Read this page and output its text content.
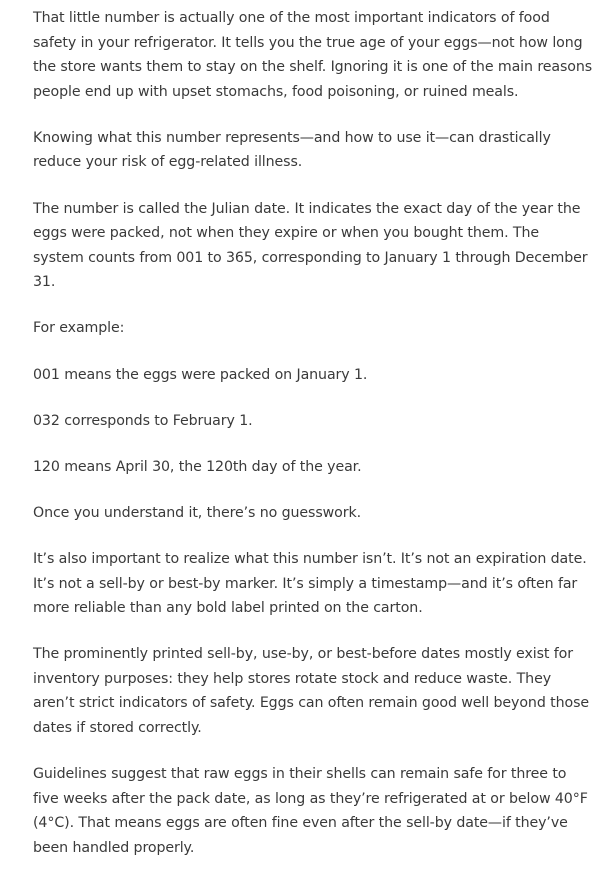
That little number is actually one of the most important indicators of food safety in your refrigerator. It tells you the true age of your eggs—not how long the store wants them to stay on the shelf. Ignoring it is one of the main reasons people end up with upset stomachs, food poisoning, or ruined meals.

Knowing what this number represents—and how to use it—can drastically reduce your risk of egg-related illness.

The number is called the Julian date. It indicates the exact day of the year the eggs were packed, not when they expire or when you bought them. The system counts from 001 to 365, corresponding to January 1 through December 31.

For example:

001 means the eggs were packed on January 1.

032 corresponds to February 1.

120 means April 30, the 120th day of the year.

Once you understand it, there’s no guesswork.

It’s also important to realize what this number isn’t. It’s not an expiration date. It’s not a sell-by or best-by marker. It’s simply a timestamp—and it’s often far more reliable than any bold label printed on the carton.

The prominently printed sell-by, use-by, or best-before dates mostly exist for inventory purposes: they help stores rotate stock and reduce waste. They aren’t strict indicators of safety. Eggs can often remain good well beyond those dates if stored correctly.

Guidelines suggest that raw eggs in their shells can remain safe for three to five weeks after the pack date, as long as they’re refrigerated at or below 40°F (4°C). That means eggs are often fine even after the sell-by date—if they’ve been handled properly.
